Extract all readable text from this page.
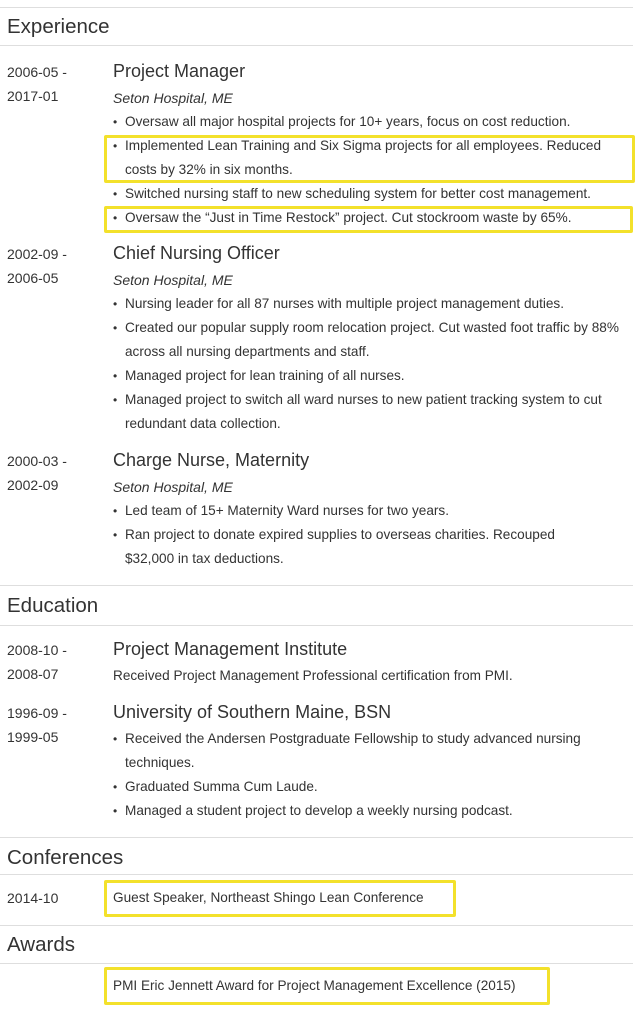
Experience
2006-05 -
2017-01
Project Manager
Seton Hospital, ME
• Oversaw all major hospital projects for 10+ years, focus on cost reduction.
• Implemented Lean Training and Six Sigma projects for all employees. Reduced costs by 32% in six months.
• Switched nursing staff to new scheduling system for better cost management.
• Oversaw the “Just in Time Restock” project. Cut stockroom waste by 65%.
2002-09 -
2006-05
Chief Nursing Officer
Seton Hospital, ME
• Nursing leader for all 87 nurses with multiple project management duties.
• Created our popular supply room relocation project. Cut wasted foot traffic by 88% across all nursing departments and staff.
• Managed project for lean training of all nurses.
• Managed project to switch all ward nurses to new patient tracking system to cut redundant data collection.
2000-03 -
2002-09
Charge Nurse, Maternity
Seton Hospital, ME
• Led team of 15+ Maternity Ward nurses for two years.
• Ran project to donate expired supplies to overseas charities. Recouped $32,000 in tax deductions.
Education
2008-10 -
2008-07
Project Management Institute
Received Project Management Professional certification from PMI.
1996-09 -
1999-05
University of Southern Maine, BSN
• Received the Andersen Postgraduate Fellowship to study advanced nursing techniques.
• Graduated Summa Cum Laude.
• Managed a student project to develop a weekly nursing podcast.
Conferences
2014-10	Guest Speaker, Northeast Shingo Lean Conference
Awards
PMI Eric Jennett Award for Project Management Excellence (2015)
